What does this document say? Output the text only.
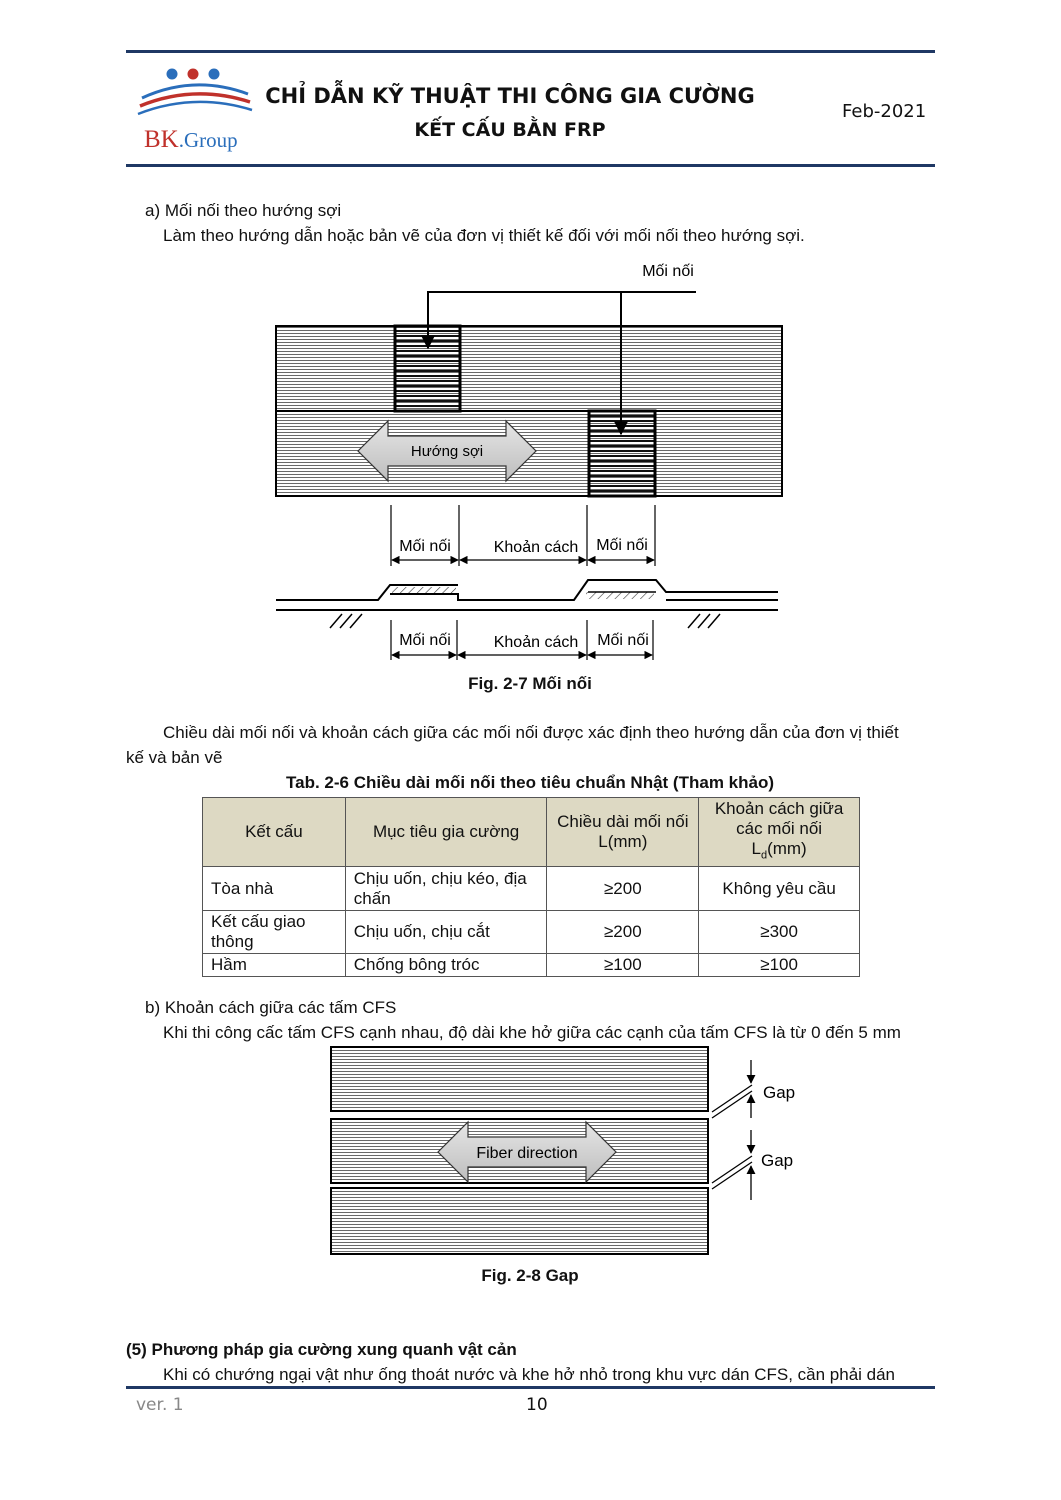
BK.Group
CHỈ DẪN KỸ THUẬT THI CÔNG GIA CƯỜNG
KẾT CẤU BẰN FRP
Feb-2021
a) Mối nối theo hướng sợi
Làm theo hướng dẫn hoặc bản vẽ của đơn vị thiết kế đối với mối nối theo hướng sợi.
Mối nối
Hướng sợi
Mối nối	Khoản cách Mối nối
Mối nối	Khoản cách Mối nối
Fig. 2-7 Mối nối
Chiều dài mối nối và khoản cách giữa các mối nối được xác định theo hướng dẫn của đơn vị thiết
kế và bản vẽ
Tab. 2-6 Chiều dài mối nối theo tiêu chuẩn Nhật (Tham khảo)
Kết cấu	Mục tiêu gia cường	Chiều dài mối nối L(mm)	Khoản cách giữa các mối nối
$L_d(mm)$
Tòa nhà	Chịu uốn, chịu kéo, địa chấn	≥200	Không yêu cầu
Kết cấu giao thông	Chịu uốn, chịu cắt	≥200	≥300
Hầm	Chống bông tróc	≥100	≥100
b) Khoản cách giữa các tấm CFS
Khi thi công cấc tấm CFS cạnh nhau, độ dài khe hở giữa các cạnh của tấm CFS là từ 0 đến 5 mm
Fiber direction
Gap
Gap
Fig. 2-8 Gap
(5) Phương pháp gia cường xung quanh vật cản
Khi có chướng ngại vật như ống thoát nước và khe hở nhỏ trong khu vực dán CFS, cần phải dán
ver. 1	10
